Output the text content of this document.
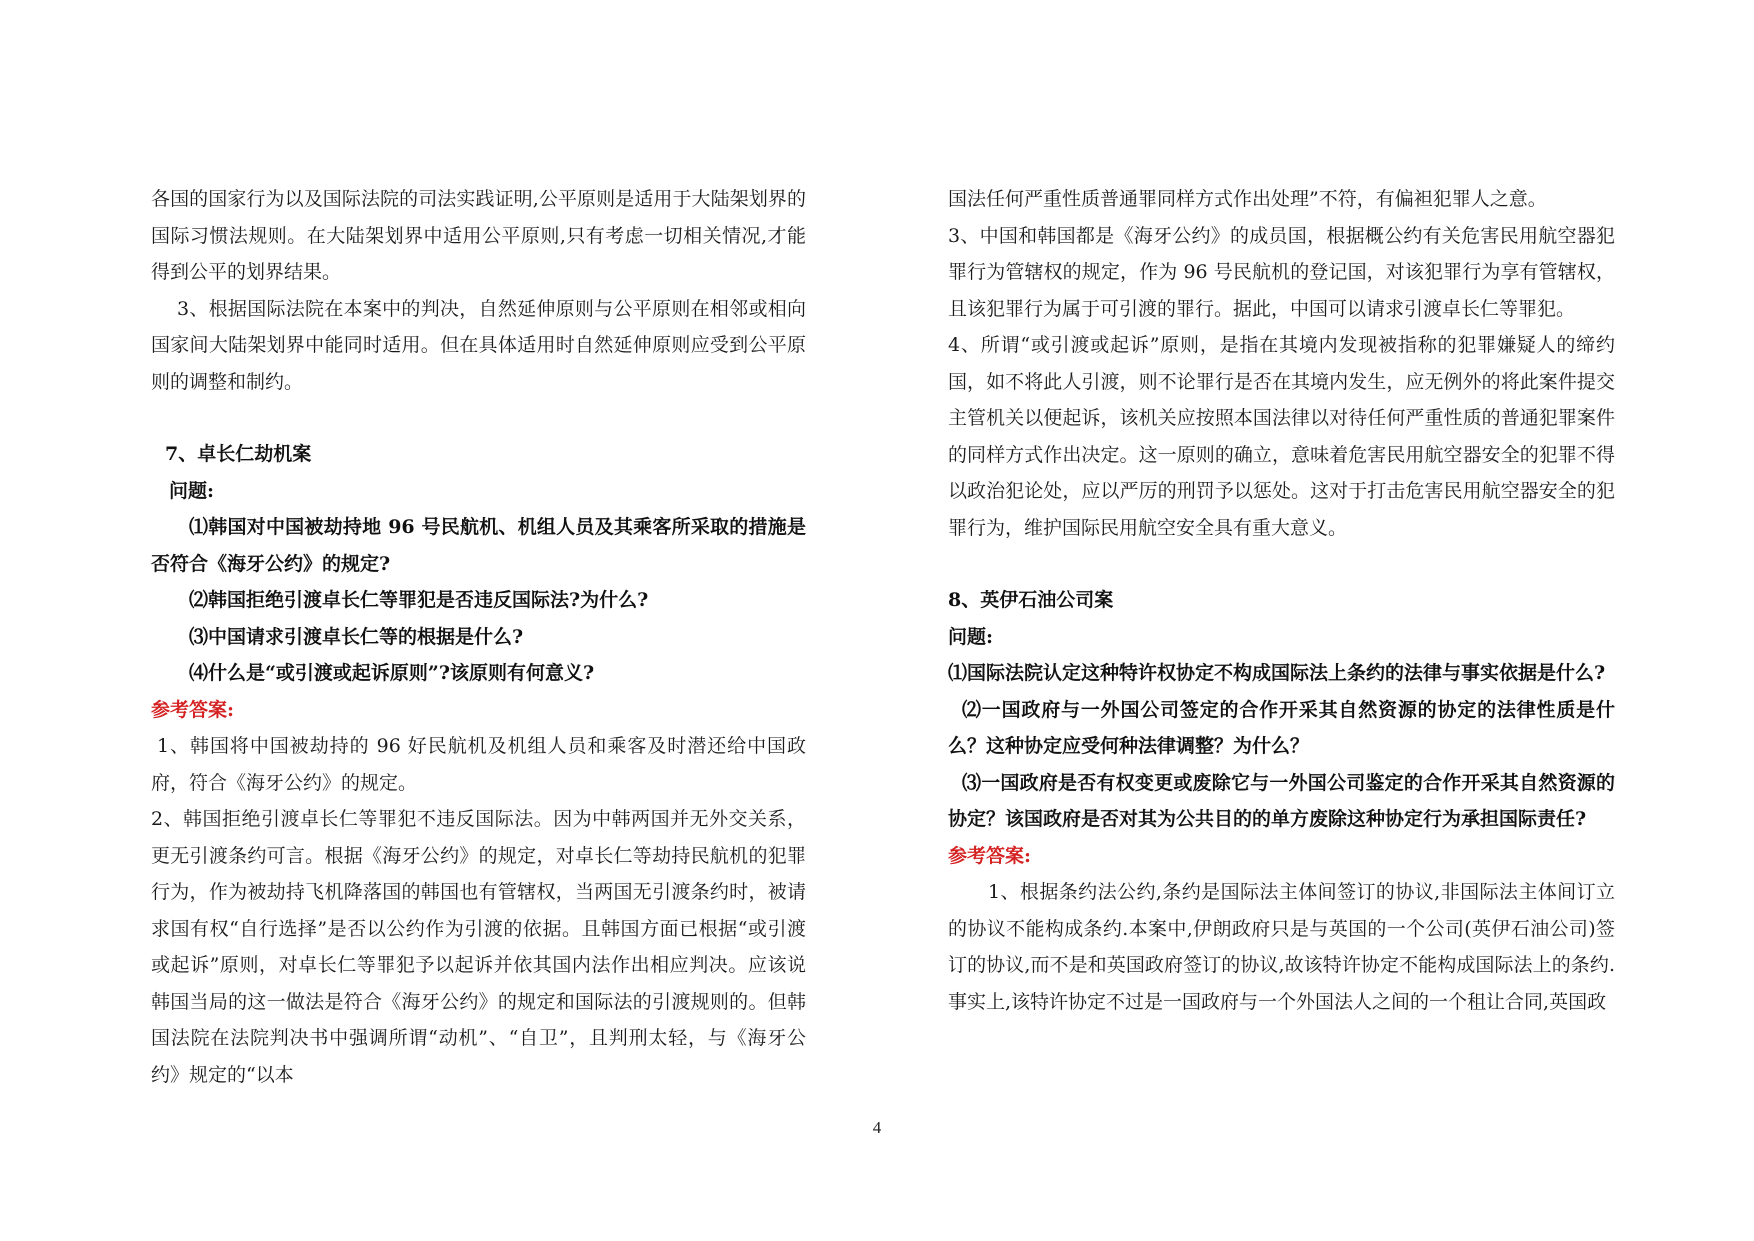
各国的国家行为以及国际法院的司法实践证明,公平原则是适用于大陆架划界的国际习惯法规则。在大陆架划界中适用公平原则,只有考虑一切相关情况,才能得到公平的划界结果。

3、根据国际法院在本案中的判决，自然延伸原则与公平原则在相邻或相向国家间大陆架划界中能同时适用。但在具体适用时自然延伸原则应受到公平原则的调整和制约。

7、卓长仁劫机案

问题:

⑴韩国对中国被劫持地 96 号民航机、机组人员及其乘客所采取的措施是否符合《海牙公约》的规定?

⑵韩国拒绝引渡卓长仁等罪犯是否违反国际法?为什么?

⑶中国请求引渡卓长仁等的根据是什么?

⑷什么是“或引渡或起诉原则”?该原则有何意义?

参考答案:

1、韩国将中国被劫持的 96 好民航机及机组人员和乘客及时潜还给中国政府，符合《海牙公约》的规定。

2、韩国拒绝引渡卓长仁等罪犯不违反国际法。因为中韩两国并无外交关系，更无引渡条约可言。根据《海牙公约》的规定，对卓长仁等劫持民航机的犯罪行为，作为被劫持飞机降落国的韩国也有管辖权，当两国无引渡条约时，被请求国有权“自行选择”是否以公约作为引渡的依据。且韩国方面已根据“或引渡或起诉”原则，对卓长仁等罪犯予以起诉并依其国内法作出相应判决。应该说韩国当局的这一做法是符合《海牙公约》的规定和国际法的引渡规则的。但韩国法院在法院判决书中强调所谓“动机”、“自卫”，且判刑太轻，与《海牙公约》规定的“以本

国法任何严重性质普通罪同样方式作出处理”不符，有偏袒犯罪人之意。

3、中国和韩国都是《海牙公约》的成员国，根据概公约有关危害民用航空器犯罪行为管辖权的规定，作为 96 号民航机的登记国，对该犯罪行为享有管辖权，且该犯罪行为属于可引渡的罪行。据此，中国可以请求引渡卓长仁等罪犯。

4、所谓“或引渡或起诉”原则，是指在其境内发现被指称的犯罪嫌疑人的缔约国，如不将此人引渡，则不论罪行是否在其境内发生，应无例外的将此案件提交主管机关以便起诉，该机关应按照本国法律以对待任何严重性质的普通犯罪案件的同样方式作出决定。这一原则的确立，意味着危害民用航空器安全的犯罪不得以政治犯论处，应以严厉的刑罚予以惩处。这对于打击危害民用航空器安全的犯罪行为，维护国际民用航空安全具有重大意义。

8、英伊石油公司案

问题:

⑴国际法院认定这种特许权协定不构成国际法上条约的法律与事实依据是什么?

⑵一国政府与一外国公司签定的合作开采其自然资源的协定的法律性质是什么？这种协定应受何种法律调整？为什么？

⑶一国政府是否有权变更或废除它与一外国公司鉴定的合作开采其自然资源的协定？该国政府是否对其为公共目的的单方废除这种协定行为承担国际责任?

参考答案:

1、根据条约法公约,条约是国际法主体间签订的协议,非国际法主体间订立的协议不能构成条约.本案中,伊朗政府只是与英国的一个公司(英伊石油公司)签订的协议,而不是和英国政府签订的协议,故该特许协定不能构成国际法上的条约.事实上,该特许协定不过是一国政府与一个外国法人之间的一个租让合同,英国政

4
